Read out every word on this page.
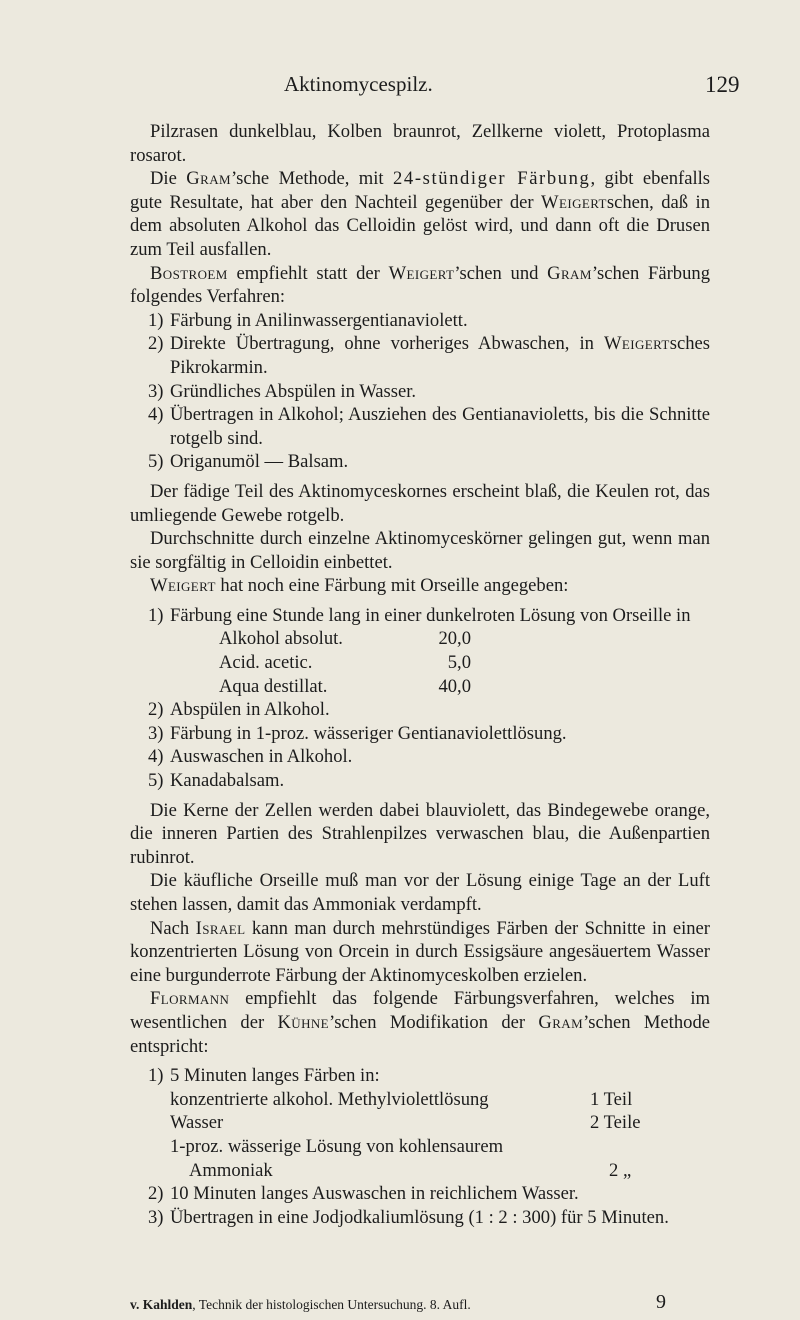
Aktinomycespilz.	129

Pilzrasen dunkelblau, Kolben braunrot, Zellkerne violett, Protoplasma rosarot.

Die Gram’sche Methode, mit 24-stündiger Färbung, gibt ebenfalls gute Resultate, hat aber den Nachteil gegenüber der Weigertschen, daß in dem absoluten Alkohol das Celloidin gelöst wird, und dann oft die Drusen zum Teil ausfallen.

Bostroem empfiehlt statt der Weigert’schen und Gram’schen Färbung folgendes Verfahren:

1) Färbung in Anilinwassergentianaviolett.
2) Direkte Übertragung, ohne vorheriges Abwaschen, in Weigertsches Pikrokarmin.
3) Gründliches Abspülen in Wasser.
4) Übertragen in Alkohol; Ausziehen des Gentianavioletts, bis die Schnitte rotgelb sind.
5) Origanumöl — Balsam.

Der fädige Teil des Aktinomyceskornes erscheint blaß, die Keulen rot, das umliegende Gewebe rotgelb.

Durchschnitte durch einzelne Aktinomyceskörner gelingen gut, wenn man sie sorgfältig in Celloidin einbettet.

Weigert hat noch eine Färbung mit Orseille angegeben:

1) Färbung eine Stunde lang in einer dunkelroten Lösung von Orseille in
Alkohol absolut.	20,0
Acid. acetic.	5,0
Aqua destillat.	40,0
2) Abspülen in Alkohol.
3) Färbung in 1-proz. wässeriger Gentianaviolettlösung.
4) Auswaschen in Alkohol.
5) Kanadabalsam.

Die Kerne der Zellen werden dabei blauviolett, das Bindegewebe orange, die inneren Partien des Strahlenpilzes verwaschen blau, die Außenpartien rubinrot.

Die käufliche Orseille muß man vor der Lösung einige Tage an der Luft stehen lassen, damit das Ammoniak verdampft.

Nach Israel kann man durch mehrstündiges Färben der Schnitte in einer konzentrierten Lösung von Orcein in durch Essigsäure angesäuertem Wasser eine burgunderrote Färbung der Aktinomyceskolben erzielen.

Flormann empfiehlt das folgende Färbungsverfahren, welches im wesentlichen der Kühne’schen Modifikation der Gram’schen Methode entspricht:

1) 5 Minuten langes Färben in:
konzentrierte alkohol. Methylviolettlösung	1 Teil
Wasser	2 Teile
1-proz. wässerige Lösung von kohlensaurem
Ammoniak	2 „
2) 10 Minuten langes Auswaschen in reichlichem Wasser.
3) Übertragen in eine Jodjodkaliumlösung (1 : 2 : 300) für 5 Minuten.
v. Kahlden, Technik der histologischen Untersuchung. 8. Aufl.	9
